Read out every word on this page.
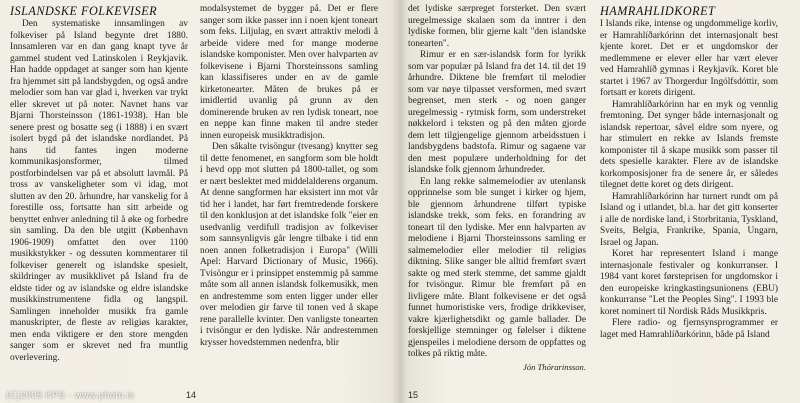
ISLANDSKE FOLKEVISER

Den systematiske innsamlingen av folkeviser på Island begynte dret 1880. Innsamleren var en dan gang knapt tyve år gammel student ved Latinskolen i Reykjavik. Han hadde oppdaget at sanger som han kjente fra hjemmet sitt på landsbygden, og også andre melodier som han var glad i, hverken var trykt eller skrevet ut på noter. Navnet hans var Bjarni Thorsteinsson (1861-1938). Han ble senere prest og bosatte seg (i 1888) i en svært isolert bygd på det islandske nordlandet. På hans tid fantes ingen moderne kommunikasjonsformer, tilmed postforbindelsen var på et absolutt lavmål. På tross av vanskeligheter som vi idag, mot slutten av den 20. århundre, har vanskelig for å forestille oss, fortsatte han sitt arbeide og benyttet enhver anledning til å øke og forbedre sin samling. Da den ble utgitt (København 1906-1909) omfattet den over 1100 musikkstykker - og dessuten kommentarer til folkeviser generelt og islandske spesielt, skildringer av musikklivet på Island fra de eldste tider og av islandske og eldre islandske musikkinstrumentene fidla og langspil. Samlingen inneholder musikk fra gamle manuskripter, de fleste av religiøs karakter, men enda viktigere er den store mengden sanger som er skrevet ned fra muntlig overlevering.

modalsystemet de bygger på. Det er flere sanger som ikke passer inn i noen kjent toneart som feks. Liljulag, en svært attraktiv melodi å arbeide videre med for mange moderne islandske komponister. Men over halvparten av folkevisene i Bjarni Thorsteinssons samling kan klassifiseres under en av de gamle kirketonearter. Måten de brukes på er imidlertid uvanlig på grunn av den dominerende bruken av ren lydisk toneart, noe en neppe kan finne maken til andre steder innen europeisk musikktradisjon.

Den såkalte tvisöngur (tvesang) knytter seg til dette fenomenet, en sangform som ble holdt i hevd opp mot slutten på 1800-tallet, og som er nært beslektet med middelalderens organum. At denne sangformen har eksistert inn mot vår tid her i landet, har ført fremtredende forskere til den konklusjon at det islandske folk "eier en usedvanlig verdifull tradisjon av folkeviser som sannsynligvis går lengre tilbake i tid enn noen annen folketradisjon i Europa" (Willi Apel: Harvard Dictionary of Music, 1966). Tvisöngur er i prinsippet enstemmig på samme måte som all annen islandsk folkemusikk, men en andrestemme som enten ligger under eller over melodien gir farve til tonen ved å skape rene parallelle kvinter. Den vanligste tonearten i tvisöngur er den lydiske. Når andrestemmen krysser hovedstemmen nedenfra, blir

14
(C)2005 KPS - www.photo.is

det lydiske særpreget forsterket. Den svært uregelmessige skalaen som da inntrer i den lydiske formen, blir gjerne kalt "den islandske tonearten".

Rimur er en sær-islandsk form for lyrikk som var populær på Island fra det 14. til det 19 århundre. Diktene ble fremført til melodier som var nøye tilpasset versformen, med svært begrenset, men sterk - og noen ganger uregelmessig - rytmisk form, som understreket nøkkelord i teksten og på den måten gjorde dem lett tilgjengelige gjennom arbeidsstuen i landsbygdens badstofa. Rimur og sagaene var den mest populære underholdning for det islandske folk gjennom århundreder.

En lang rekke salmemelodier av utenlansk opprinnelse som ble sunget i kirker og hjem, ble gjennom århundrene tilført typiske islandske trekk, som feks. en forandring av toneart til den lydiske. Mer enn halvparten av melodiene i Bjarni Thorsteinssons samling er salmemelodier eller melodier til religiøs diktning. Slike sanger ble alltid fremført svært sakte og med sterk stemme, det samme gjaldt for tvisöngur. Rimur ble fremført på en livligere måte. Blant folkevisene er det også funnet humoristiske vers, frodige drikkeviser, vakre kjærlighetsdikt og gamle ballader. De forskjellige stemninger og følelser i diktene gjenspeiles i melodiene dersom de oppfattes og tolkes på riktig måte.

Jón Thórarinsson.
HAMRAHLIDKORET

I Islands rike, intense og ungdommelige korliv, er Hamrahlíðarkórinn det internasjonalt best kjente koret. Det er et ungdomskor der medlemmene er elever eller har vært elever ved Hamrahlíð gymnas i Reykjavík. Koret ble startet i 1967 av Thorgerdur Ingólfsdóttir, som fortsatt er korets dirigent.

Hamrahlíðarkórinn har en myk og vennlig fremtoning. Det synger både internasjonalt og islandsk repertoar, såvel eldre som nyere, og har stimulert en rekke av Islands fremste komponister til å skape musikk som passer til dets spesielle karakter. Flere av de islandske korkomposisjoner fra de senere år, er således tilegnet dette koret og dets dirigent.

Hamrahlíðarkórinn har turnert rundt om på Island og i utlandet, bl.a. har det gitt konserter i alle de nordiske land, i Storbritania, Tyskland, Sveits, Belgia, Frankrike, Spania, Ungarn, Israel og Japan.

Koret har representert Island i mange internasjonale festivaler og konkurranser. I 1984 vant koret førsteprisen for ungdomskor i den europeiske kringkastingsunionens (EBU) konkurranse "Let the Peoples Sing". I 1993 ble koret nominert til Nordisk Råds Musikkpris.

Flere radio- og fjernsynsprogrammer er laget med Hamrahlíðarkórinn, både på Island

15
